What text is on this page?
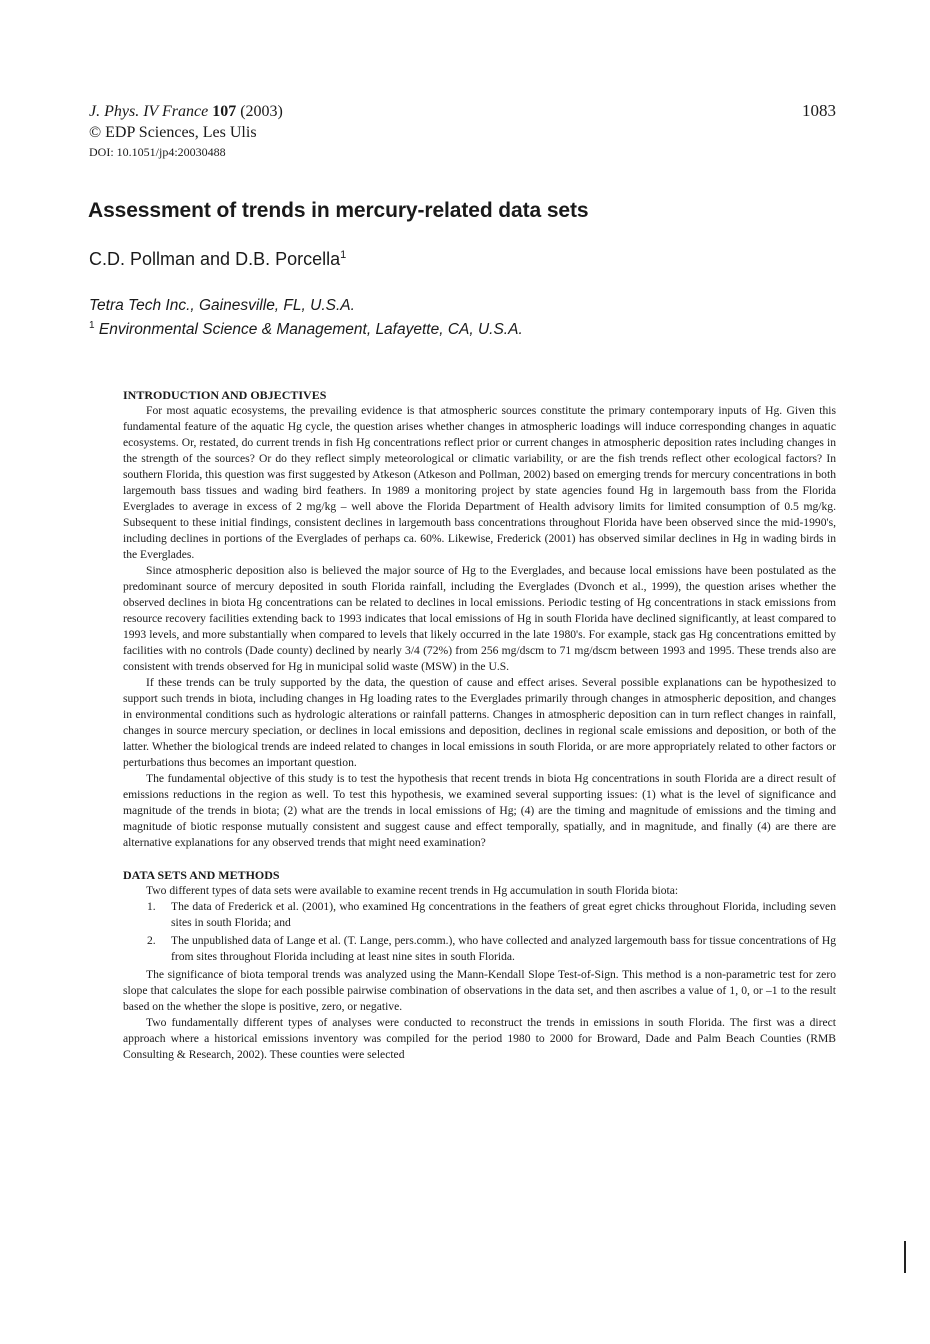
J. Phys. IV France 107 (2003)
© EDP Sciences, Les Ulis
DOI: 10.1051/jp4:20030488
1083
Assessment of trends in mercury-related data sets
C.D. Pollman and D.B. Porcella$^1$
Tetra Tech Inc., Gainesville, FL, U.S.A.
$^1$ Environmental Science & Management, Lafayette, CA, U.S.A.

INTRODUCTION AND OBJECTIVES

For most aquatic ecosystems, the prevailing evidence is that atmospheric sources constitute the primary contemporary inputs of Hg. Given this fundamental feature of the aquatic Hg cycle, the question arises whether changes in atmospheric loadings will induce corresponding changes in aquatic ecosystems. Or, restated, do current trends in fish Hg concentrations reflect prior or current changes in atmospheric deposition rates including changes in the strength of the sources? Or do they reflect simply meteorological or climatic variability, or are the fish trends reflect other ecological factors? In southern Florida, this question was first suggested by Atkeson (Atkeson and Pollman, 2002) based on emerging trends for mercury concentrations in both largemouth bass tissues and wading bird feathers. In 1989 a monitoring project by state agencies found Hg in largemouth bass from the Florida Everglades to average in excess of 2 mg/kg – well above the Florida Department of Health advisory limits for limited consumption of 0.5 mg/kg. Subsequent to these initial findings, consistent declines in largemouth bass concentrations throughout Florida have been observed since the mid-1990's, including declines in portions of the Everglades of perhaps ca. 60%. Likewise, Frederick (2001) has observed similar declines in Hg in wading birds in the Everglades.

Since atmospheric deposition also is believed the major source of Hg to the Everglades, and because local emissions have been postulated as the predominant source of mercury deposited in south Florida rainfall, including the Everglades (Dvonch et al., 1999), the question arises whether the observed declines in biota Hg concentrations can be related to declines in local emissions. Periodic testing of Hg concentrations in stack emissions from resource recovery facilities extending back to 1993 indicates that local emissions of Hg in south Florida have declined significantly, at least compared to 1993 levels, and more substantially when compared to levels that likely occurred in the late 1980's. For example, stack gas Hg concentrations emitted by facilities with no controls (Dade county) declined by nearly 3/4 (72%) from 256 mg/dscm to 71 mg/dscm between 1993 and 1995. These trends also are consistent with trends observed for Hg in municipal solid waste (MSW) in the U.S.

If these trends can be truly supported by the data, the question of cause and effect arises. Several possible explanations can be hypothesized to support such trends in biota, including changes in Hg loading rates to the Everglades primarily through changes in atmospheric deposition, and changes in environmental conditions such as hydrologic alterations or rainfall patterns. Changes in atmospheric deposition can in turn reflect changes in rainfall, changes in source mercury speciation, or declines in local emissions and deposition, declines in regional scale emissions and deposition, or both of the latter. Whether the biological trends are indeed related to changes in local emissions in south Florida, or are more appropriately related to other factors or perturbations thus becomes an important question.

The fundamental objective of this study is to test the hypothesis that recent trends in biota Hg concentrations in south Florida are a direct result of emissions reductions in the region as well. To test this hypothesis, we examined several supporting issues: (1) what is the level of significance and magnitude of the trends in biota; (2) what are the trends in local emissions of Hg; (4) are the timing and magnitude of emissions and the timing and magnitude of biotic response mutually consistent and suggest cause and effect temporally, spatially, and in magnitude, and finally (4) are there are alternative explanations for any observed trends that might need examination?

DATA SETS AND METHODS

Two different types of data sets were available to examine recent trends in Hg accumulation in south Florida biota:

1. The data of Frederick et al. (2001), who examined Hg concentrations in the feathers of great egret chicks throughout Florida, including seven sites in south Florida; and
2. The unpublished data of Lange et al. (T. Lange, pers.comm.), who have collected and analyzed largemouth bass for tissue concentrations of Hg from sites throughout Florida including at least nine sites in south Florida.

The significance of biota temporal trends was analyzed using the Mann-Kendall Slope Test-of-Sign. This method is a non-parametric test for zero slope that calculates the slope for each possible pairwise combination of observations in the data set, and then ascribes a value of 1, 0, or –1 to the result based on the whether the slope is positive, zero, or negative.

Two fundamentally different types of analyses were conducted to reconstruct the trends in emissions in south Florida. The first was a direct approach where a historical emissions inventory was compiled for the period 1980 to 2000 for Broward, Dade and Palm Beach Counties (RMB Consulting & Research, 2002). These counties were selected
